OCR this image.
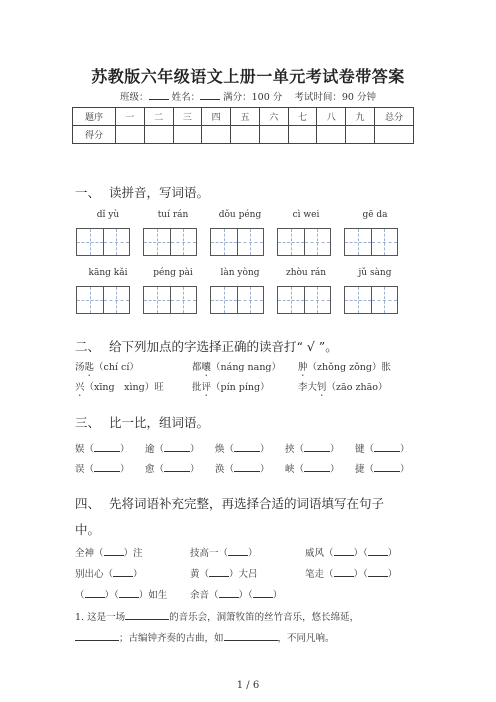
苏教版六年级语文上册一单元考试卷带答案
班级： 姓名： 满分：100 分 考试时间：90 分钟
题序	一	二	三	四	五	六	七	八	九	总分
得分										
一、 读拼音，写词语。
dǐ yù	tuí rán	dǒu péng	cì wei	gē da
kāng kǎi	péng pài	làn yòng	zhòu rán	jǔ sàng
二、 给下列加点的字选择正确的读音打“ √ ”。
汤匙（chí cí）	都囔（náng nang） 肿（zhǒng zǒng）胀
兴（xīng　xìng）旺	批评（pín píng）	李大钊（zāo zhāo）
三、 比一比，组词语。
娱（	） 逾（	） 焕（	） 挟（	） 键（	）
误（	） 愈（	） 涣（	） 峡（	） 捷（	）
四、 先将词语补充完整，再选择合适的词语填写在句子
中。
全神（ ）注	技高一（ ）	威风（ ）（ ）
别出心（ ）	黄（ ）大吕	笔走（ ）（ ）
（ ）（ ）如生 余音（ ）（ ）
1. 这是一场	的音乐会，洞箫牧笛的丝竹音乐，悠长绵延，
；古编钟齐奏的古曲，如	，不同凡响。
1 / 6
